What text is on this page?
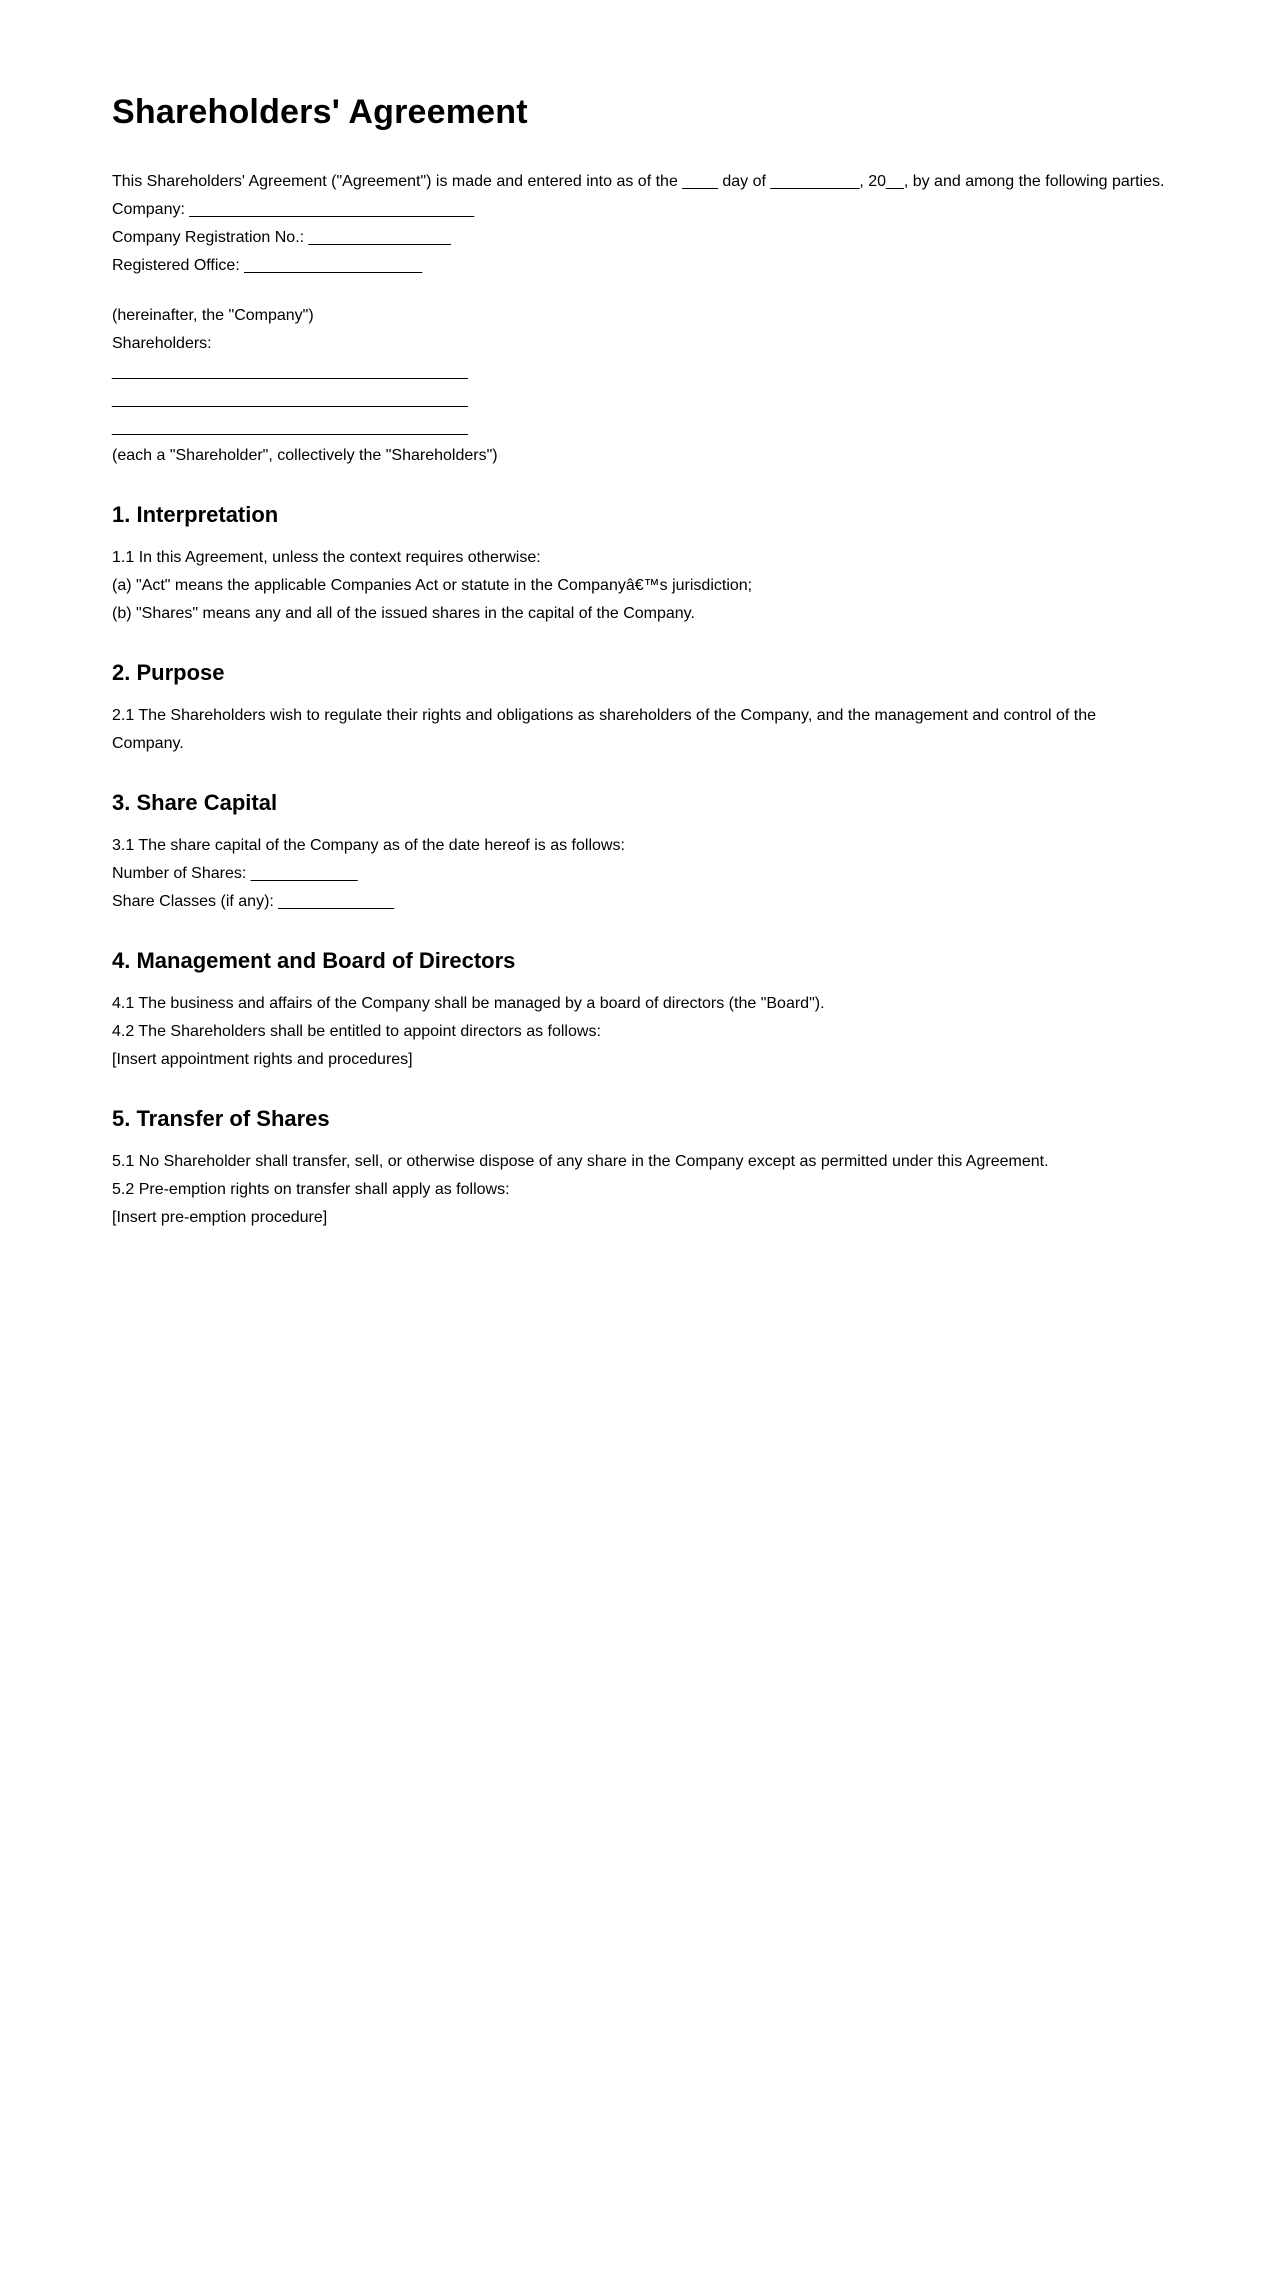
Shareholders' Agreement

This Shareholders' Agreement ("Agreement") is made and entered into as of the ____ day of __________, 20__, by and among the following parties.

Company: ________________________________

Company Registration No.: ________________

Registered Office: ____________________

(hereinafter, the "Company")

Shareholders:

________________________________________

________________________________________

________________________________________

(each a "Shareholder", collectively the "Shareholders")

1. Interpretation

1.1 In this Agreement, unless the context requires otherwise:

(a) "Act" means the applicable Companies Act or statute in the Companyâ€™s jurisdiction;

(b) "Shares" means any and all of the issued shares in the capital of the Company.

2. Purpose

2.1 The Shareholders wish to regulate their rights and obligations as shareholders of the Company, and the management and control of the Company.

3. Share Capital

3.1 The share capital of the Company as of the date hereof is as follows:

Number of Shares: ____________

Share Classes (if any): _____________

4. Management and Board of Directors

4.1 The business and affairs of the Company shall be managed by a board of directors (the "Board").

4.2 The Shareholders shall be entitled to appoint directors as follows:

[Insert appointment rights and procedures]

5. Transfer of Shares

5.1 No Shareholder shall transfer, sell, or otherwise dispose of any share in the Company except as permitted under this Agreement.

5.2 Pre-emption rights on transfer shall apply as follows:

[Insert pre-emption procedure]
